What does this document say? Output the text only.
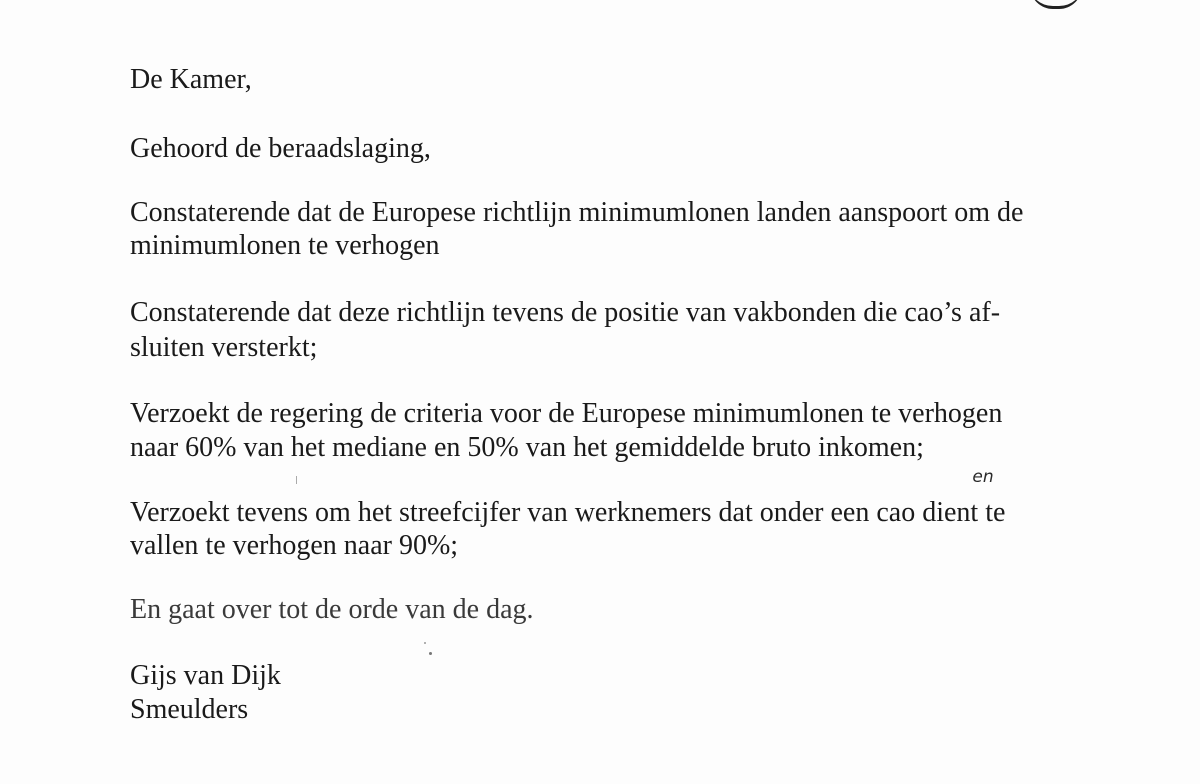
De Kamer,
Gehoord de beraadslaging,
Constaterende dat de Europese richtlijn minimumlonen landen aanspoort om de
minimumlonen te verhogen
Constaterende dat deze richtlijn tevens de positie van vakbonden die cao’s af-
sluiten versterkt;
Verzoekt de regering de criteria voor de Europese minimumlonen te verhogen
naar 60% van het mediane en 50% van het gemiddelde bruto inkomen;
Verzoekt tevens om het streefcijfer van werknemers dat onder een cao dient
en
te
vallen te verhogen naar 90%;
En gaat over tot de orde van de dag.
Gijs van Dijk
Smeulders
